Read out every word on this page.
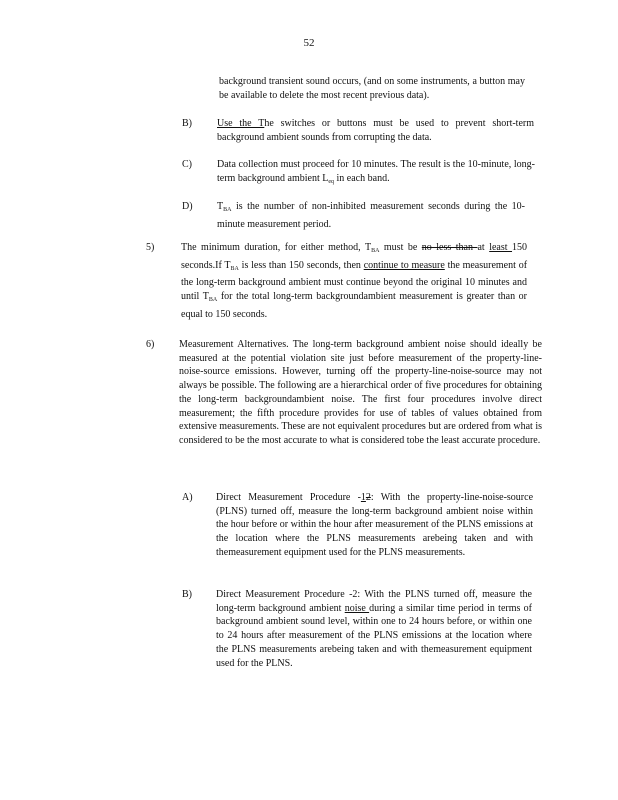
52

background transient sound occurs, (and on some instruments, a button may be available to delete the most recent previous data).

B)	Use the The switches or buttons must be used to prevent short-term background ambient sounds from corrupting the data.

C)	Data collection must proceed for 10 minutes. The result is the 10-minute, long-term background ambient $L_{eq}$ in each band.

D) $T_{BA}$ is the number of non-inhibited measurement seconds during the 10-minute measurement period.

5)	The minimum duration, for either method, $T_{BA}$ must be no less than at least 150 seconds.If $T_{BA}$ is less than 150 seconds, then continue to measure the measurement of the long-term background ambient must continue beyond the original 10 minutes and until $T_{BA}$ for the total long-term backgroundambient measurement is greater than or equal to 150 seconds.

6) Measurement Alternatives. The long-term background ambient noise should ideally be measured at the potential violation site just before measurement of the property-line-noise-source emissions. However, turning off the property-line-noise-source may not always be possible. The following are a hierarchical order of five procedures for obtaining the long-term backgroundambient noise. The first four procedures involve direct measurement; the fifth procedure provides for use of tables of values obtained from extensive measurements. These are not equivalent procedures but are ordered from what is considered to be the most accurate to what is considered tobe the least accurate procedure.

A) Direct Measurement Procedure -12: With the property-line-noise-source (PLNS) turned off, measure the long-term background ambient noise within the hour before or within the hour after measurement of the PLNS emissions at the location where the PLNS measurements arebeing taken and with themeasurement equipment used for the PLNS measurements.

B) Direct Measurement Procedure -2: With the PLNS turned off, measure the long-term background ambient noise during a similar time period in terms of background ambient sound level, within one to 24 hours before, or within one to 24 hours after measurement of the PLNS emissions at the location where the PLNS measurements arebeing taken and with themeasurement equipment used for the PLNS.
